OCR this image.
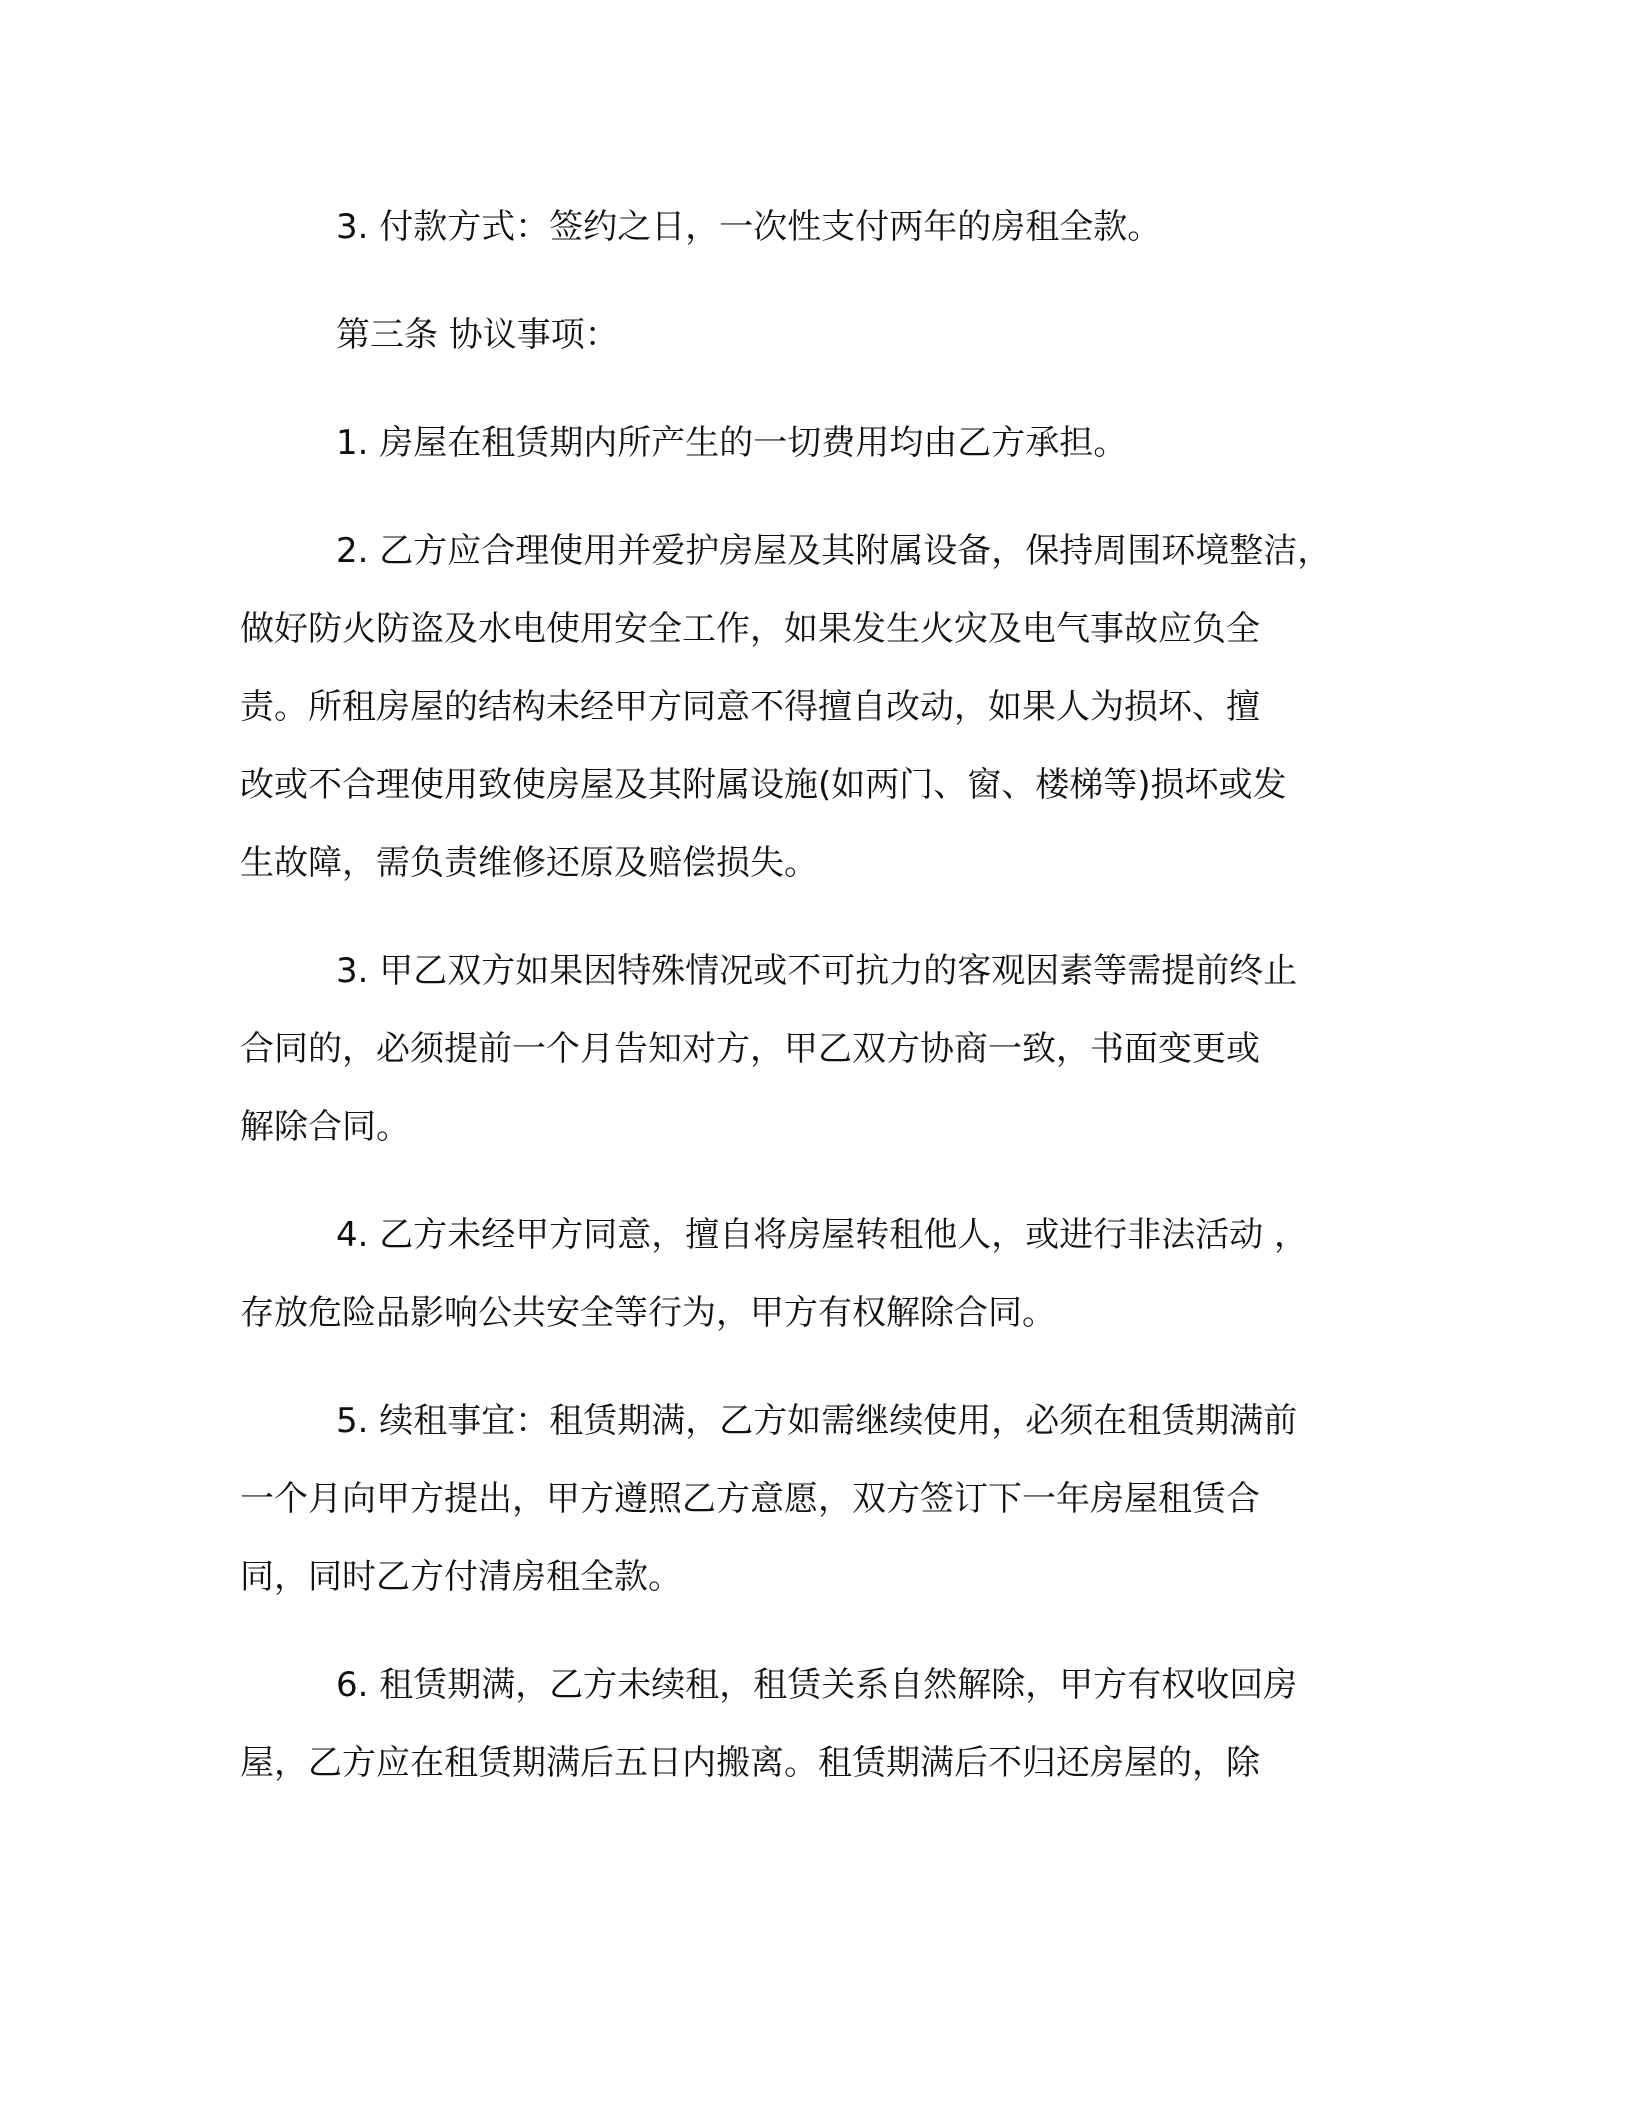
3. 付款方式：签约之日，一次性支付两年的房租全款。

第三条 协议事项：

1. 房屋在租赁期内所产生的一切费用均由乙方承担。

2. 乙方应合理使用并爱护房屋及其附属设备，保持周围环境整洁，
做好防火防盗及水电使用安全工作，如果发生火灾及电气事故应负全
责。所租房屋的结构未经甲方同意不得擅自改动，如果人为损坏、擅
改或不合理使用致使房屋及其附属设施(如两门、窗、楼梯等)损坏或发
生故障，需负责维修还原及赔偿损失。

3. 甲乙双方如果因特殊情况或不可抗力的客观因素等需提前终止
合同的，必须提前一个月告知对方，甲乙双方协商一致，书面变更或
解除合同。

4. 乙方未经甲方同意，擅自将房屋转租他人，或进行非法活动 ，
存放危险品影响公共安全等行为，甲方有权解除合同。

5. 续租事宜：租赁期满，乙方如需继续使用，必须在租赁期满前
一个月向甲方提出，甲方遵照乙方意愿，双方签订下一年房屋租赁合
同，同时乙方付清房租全款。

6. 租赁期满，乙方未续租，租赁关系自然解除，甲方有权收回房
屋，乙方应在租赁期满后五日内搬离。租赁期满后不归还房屋的，除
